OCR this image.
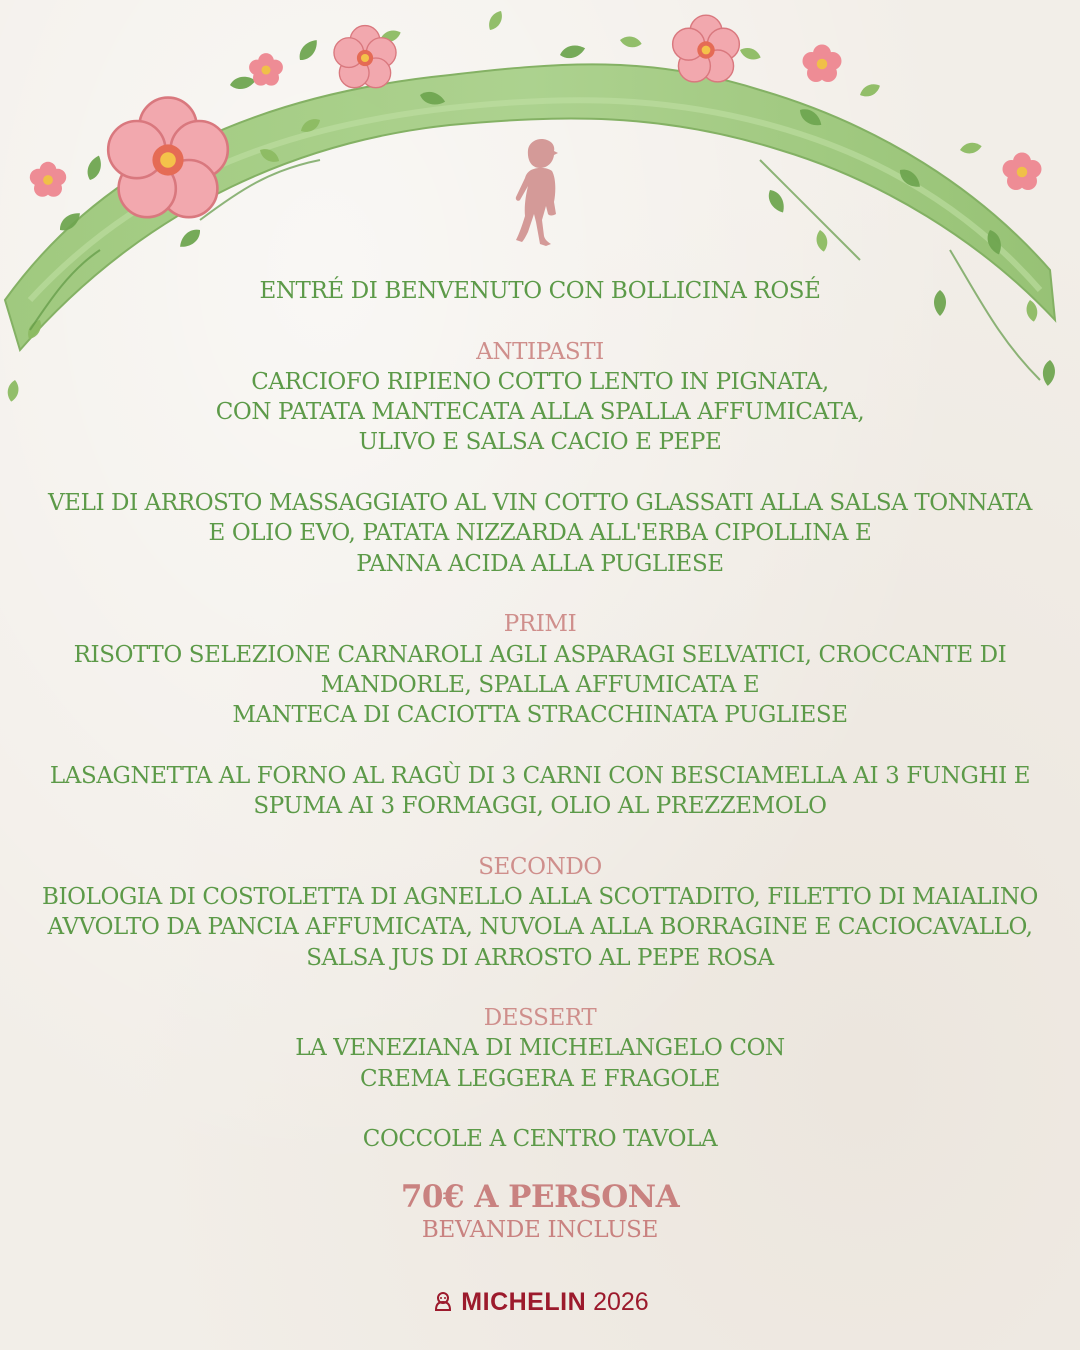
ENTRÉ DI BENVENUTO CON BOLLICINA ROSÉ
ANTIPASTI
CARCIOFO RIPIENO COTTO LENTO IN PIGNATA,
CON PATATA MANTECATA ALLA SPALLA AFFUMICATA,
ULIVO E SALSA CACIO E PEPE
VELI DI ARROSTO MASSAGGIATO AL VIN COTTO GLASSATI ALLA SALSA TONNATA
E OLIO EVO, PATATA NIZZARDA ALL'ERBA CIPOLLINA E
PANNA ACIDA ALLA PUGLIESE
PRIMI
RISOTTO SELEZIONE CARNAROLI AGLI ASPARAGI SELVATICI, CROCCANTE DI
MANDORLE, SPALLA AFFUMICATA E
MANTECA DI CACIOTTA STRACCHINATA PUGLIESE
LASAGNETTA AL FORNO AL RAGÙ DI 3 CARNI CON BESCIAMELLA AI 3 FUNGHI E
SPUMA AI 3 FORMAGGI, OLIO AL PREZZEMOLO
SECONDO
BIOLOGIA DI COSTOLETTA DI AGNELLO ALLA SCOTTADITO, FILETTO DI MAIALINO
AVVOLTO DA PANCIA AFFUMICATA, NUVOLA ALLA BORRAGINE E CACIOCAVALLO,
SALSA JUS DI ARROSTO AL PEPE ROSA
DESSERT
LA VENEZIANA DI MICHELANGELO CON
CREMA LEGGERA E FRAGOLE
COCCOLE A CENTRO TAVOLA
70€ A PERSONA
BEVANDE INCLUSE
MICHELIN 2026
